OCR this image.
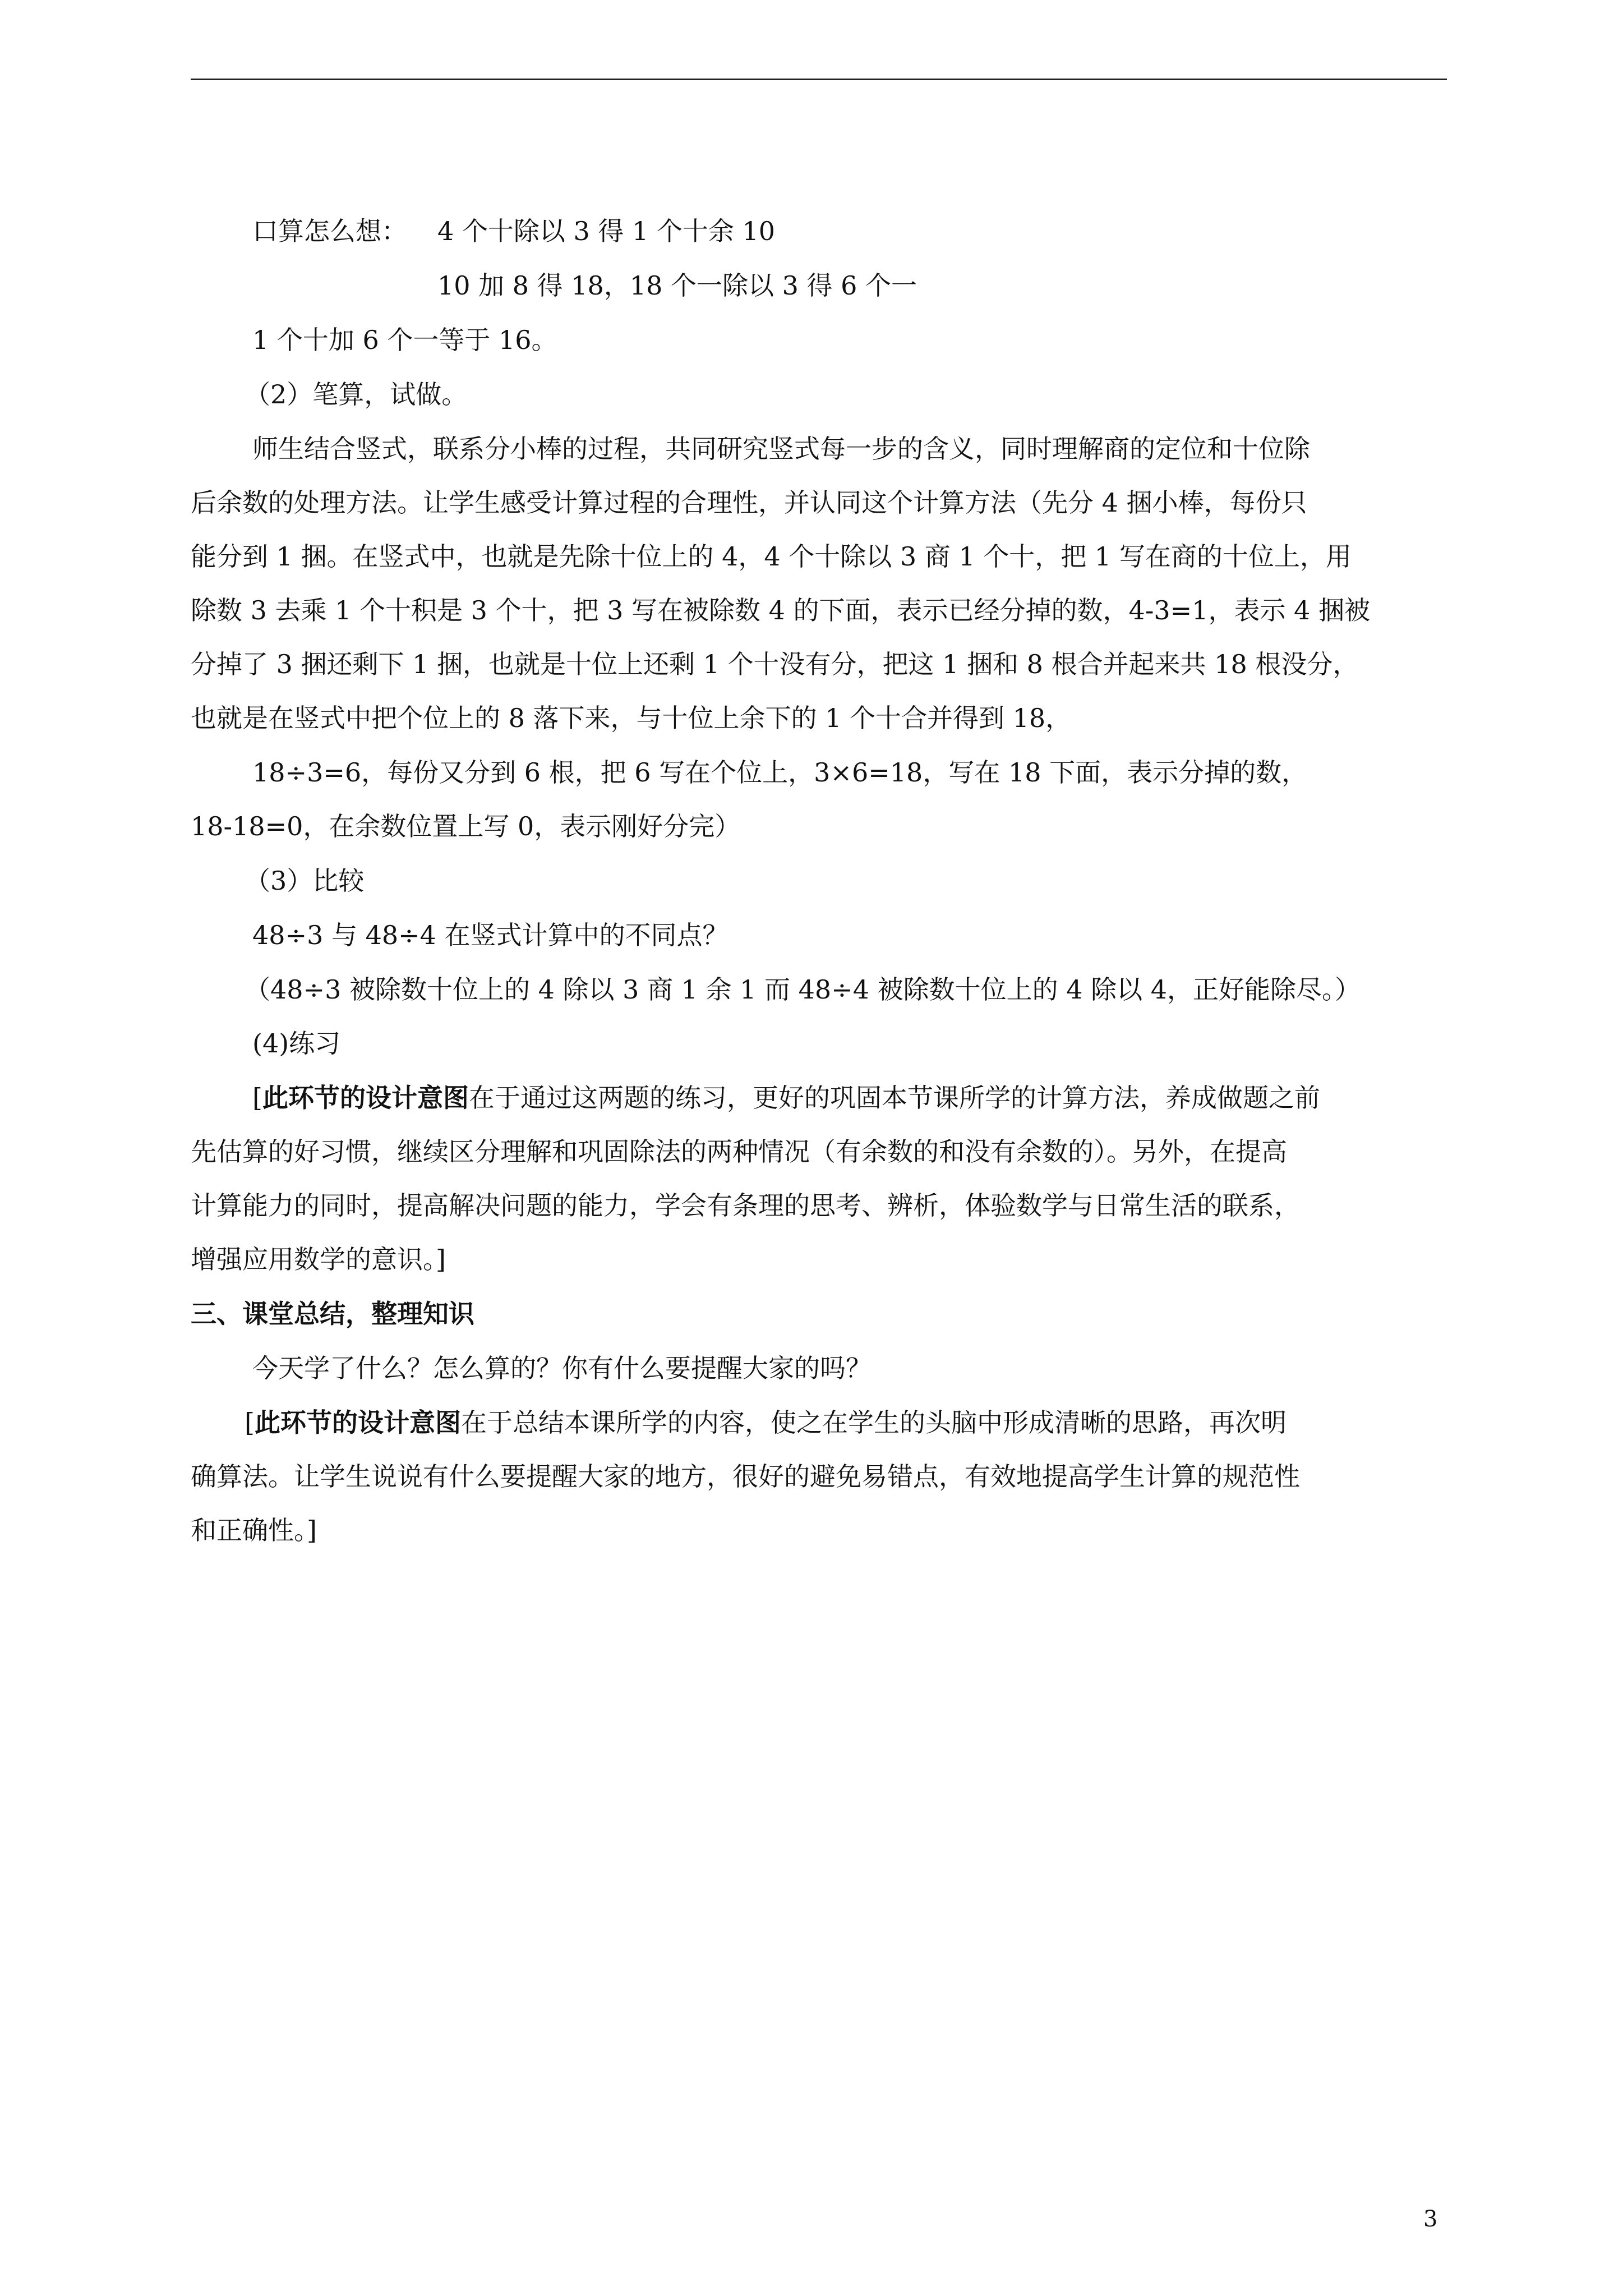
口算怎么想： 4 个十除以 3 得 1 个十余 10
10 加 8 得 18，18 个一除以 3 得 6 个一
1 个十加 6 个一等于 16。
（2）笔算，试做。
师生结合竖式，联系分小棒的过程，共同研究竖式每一步的含义，同时理解商的定位和十位除
后余数的处理方法。让学生感受计算过程的合理性，并认同这个计算方法（先分 4 捆小棒，每份只
能分到 1 捆。在竖式中，也就是先除十位上的 4，4 个十除以 3 商 1 个十，把 1 写在商的十位上，用
除数 3 去乘 1 个十积是 3 个十，把 3 写在被除数 4 的下面，表示已经分掉的数，4-3=1，表示 4 捆被
分掉了 3 捆还剩下 1 捆，也就是十位上还剩 1 个十没有分，把这 1 捆和 8 根合并起来共 18 根没分，
也就是在竖式中把个位上的 8 落下来，与十位上余下的 1 个十合并得到 18，
18÷3=6，每份又分到 6 根，把 6 写在个位上，3×6=18，写在 18 下面，表示分掉的数，
18-18=0，在余数位置上写 0，表示刚好分完）
（3）比较
48÷3 与 48÷4 在竖式计算中的不同点？
（48÷3 被除数十位上的 4 除以 3 商 1 余 1 而 48÷4 被除数十位上的 4 除以 4，正好能除尽。）
(4)练习
[此环节的设计意图在于通过这两题的练习，更好的巩固本节课所学的计算方法，养成做题之前
先估算的好习惯，继续区分理解和巩固除法的两种情况（有余数的和没有余数的）。另外，在提高
计算能力的同时，提高解决问题的能力，学会有条理的思考、辨析，体验数学与日常生活的联系，
增强应用数学的意识。]
三、课堂总结，整理知识
今天学了什么？怎么算的？你有什么要提醒大家的吗？
[此环节的设计意图在于总结本课所学的内容，使之在学生的头脑中形成清晰的思路，再次明
确算法。让学生说说有什么要提醒大家的地方，很好的避免易错点，有效地提高学生计算的规范性
和正确性。]
3
